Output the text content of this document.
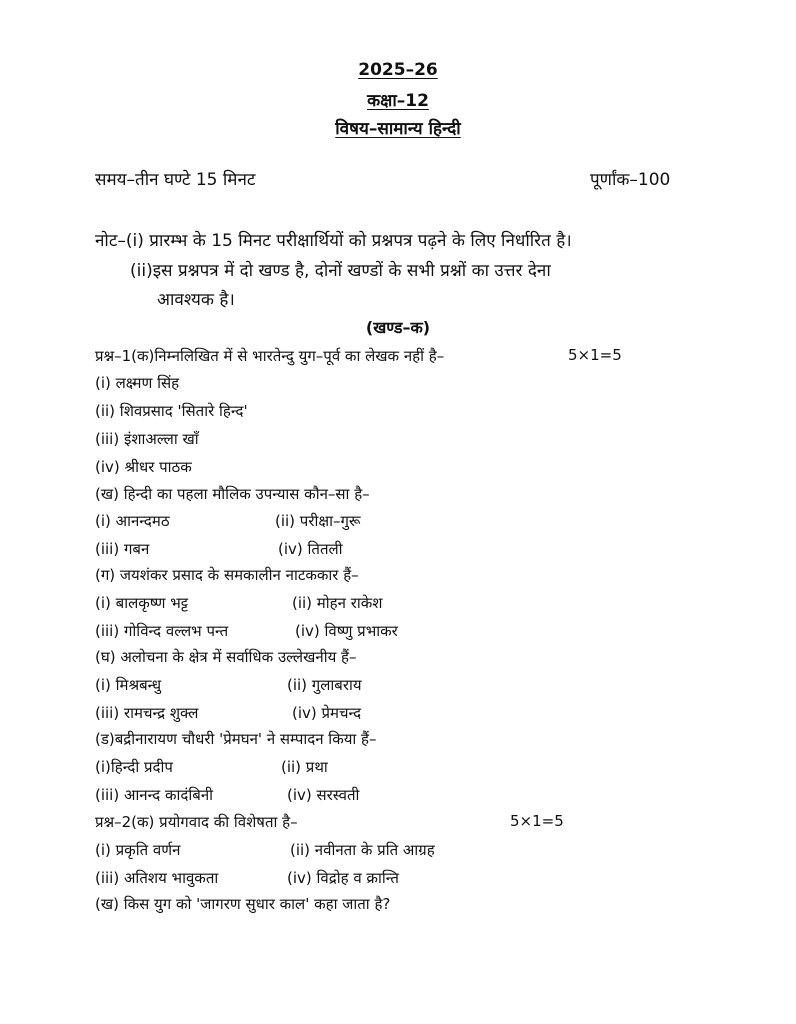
2025–26
कक्षा–12
विषय–सामान्य हिन्दी
समय–तीन घण्टे 15 मिनट	पूर्णांक–100
नोट–(i) प्रारम्भ के 15 मिनट परीक्षार्थियों को प्रश्नपत्र पढ़ने के लिए निर्धारित है।
(ii)इस प्रश्नपत्र में दो खण्ड है, दोनों खण्डों के सभी प्रश्नों का उत्तर देना
आवश्यक है।
(खण्ड–क)
प्रश्न–1(क)निम्नलिखित में से भारतेन्दु युग–पूर्व का लेखक नहीं है–	5×1=5
(i) लक्ष्मण सिंह
(ii) शिवप्रसाद 'सितारे हिन्द'
(iii) इंशाअल्ला खाँ
(iv) श्रीधर पाठक
(ख) हिन्दी का पहला मौलिक उपन्यास कौन–सा है–
(i) आनन्दमठ	(ii) परीक्षा–गुरू
(iii) गबन	(iv) तितली
(ग) जयशंकर प्रसाद के समकालीन नाटककार हैं–
(i) बालकृष्ण भट्ट	(ii) मोहन राकेश
(iii) गोविन्द वल्लभ पन्त	(iv) विष्णु प्रभाकर
(घ) अलोचना के क्षेत्र में सर्वाधिक उल्लेखनीय हैं–
(i) मिश्रबन्धु	(ii) गुलाबराय
(iii) रामचन्द्र शुक्ल	(iv) प्रेमचन्द
(ड)बद्रीनारायण चौधरी 'प्रेमघन' ने सम्पादन किया हैं–
(i)हिन्दी प्रदीप	(ii) प्रथा
(iii) आनन्द कादंबिनी	(iv) सरस्वती
प्रश्न–2(क) प्रयोगवाद की विशेषता है–	5×1=5
(i) प्रकृति वर्णन	(ii) नवीनता के प्रति आग्रह
(iii) अतिशय भावुकता	(iv) विद्रोह व क्रान्ति
(ख) किस युग को 'जागरण सुधार काल' कहा जाता है?
